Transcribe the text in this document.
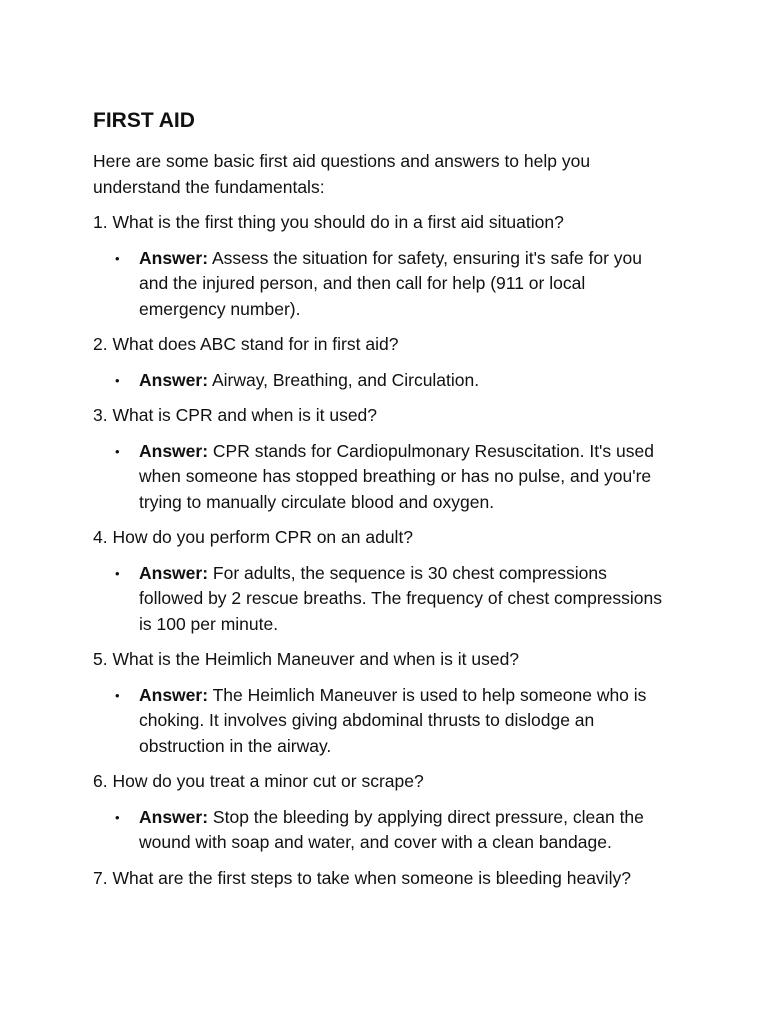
FIRST AID

Here are some basic first aid questions and answers to help you understand the fundamentals:

1. What is the first thing you should do in a first aid situation?

• Answer: Assess the situation for safety, ensuring it's safe for you and the injured person, and then call for help (911 or local emergency number).

2. What does ABC stand for in first aid?

• Answer: Airway, Breathing, and Circulation.

3. What is CPR and when is it used?

• Answer: CPR stands for Cardiopulmonary Resuscitation. It's used when someone has stopped breathing or has no pulse, and you're trying to manually circulate blood and oxygen.

4. How do you perform CPR on an adult?

• Answer: For adults, the sequence is 30 chest compressions followed by 2 rescue breaths. The frequency of chest compressions is 100 per minute.

5. What is the Heimlich Maneuver and when is it used?

• Answer: The Heimlich Maneuver is used to help someone who is choking. It involves giving abdominal thrusts to dislodge an obstruction in the airway.

6. How do you treat a minor cut or scrape?

• Answer: Stop the bleeding by applying direct pressure, clean the wound with soap and water, and cover with a clean bandage.

7. What are the first steps to take when someone is bleeding heavily?
